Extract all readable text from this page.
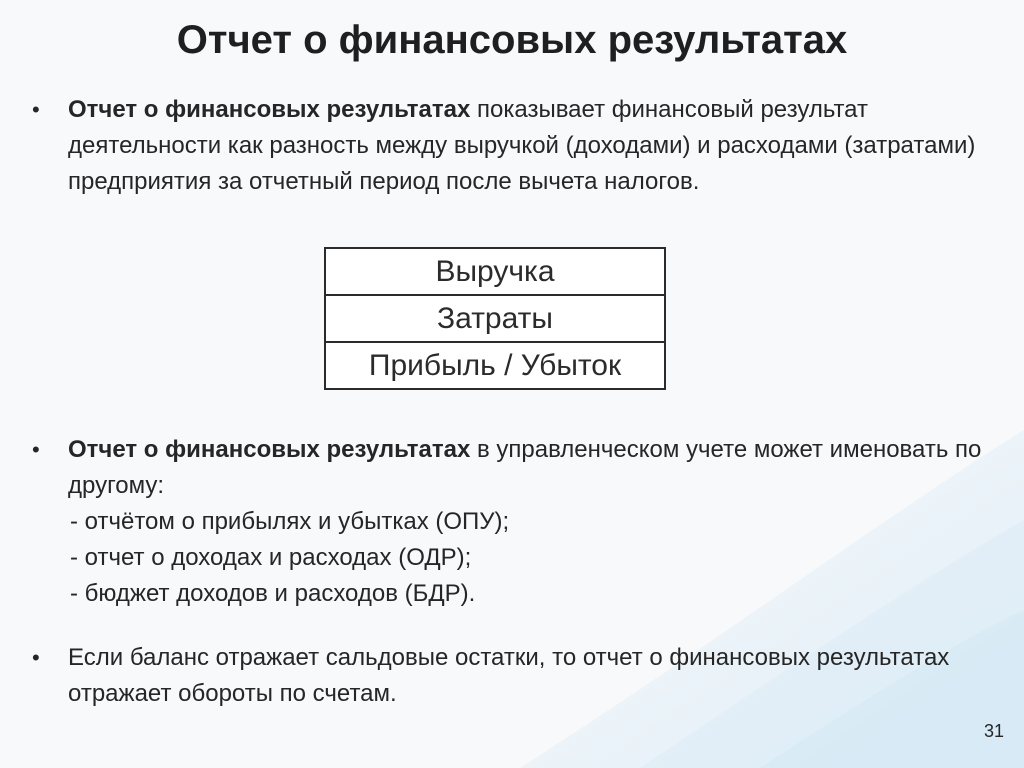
Отчет о финансовых результатах
• Отчет о финансовых результатах показывает финансовый результат деятельности как разность между выручкой (доходами) и расходами (затратами) предприятия за отчетный период после вычета налогов.
Выручка
Затраты
Прибыль / Убыток
• Отчет о финансовых результатах в управленческом учете может именовать по другому:
- отчётом о прибылях и убытках (ОПУ);
- отчет о доходах и расходах (ОДР);
- бюджет доходов и расходов (БДР).
• Если баланс отражает сальдовые остатки, то отчет о финансовых результатах отражает обороты по счетам.
31
